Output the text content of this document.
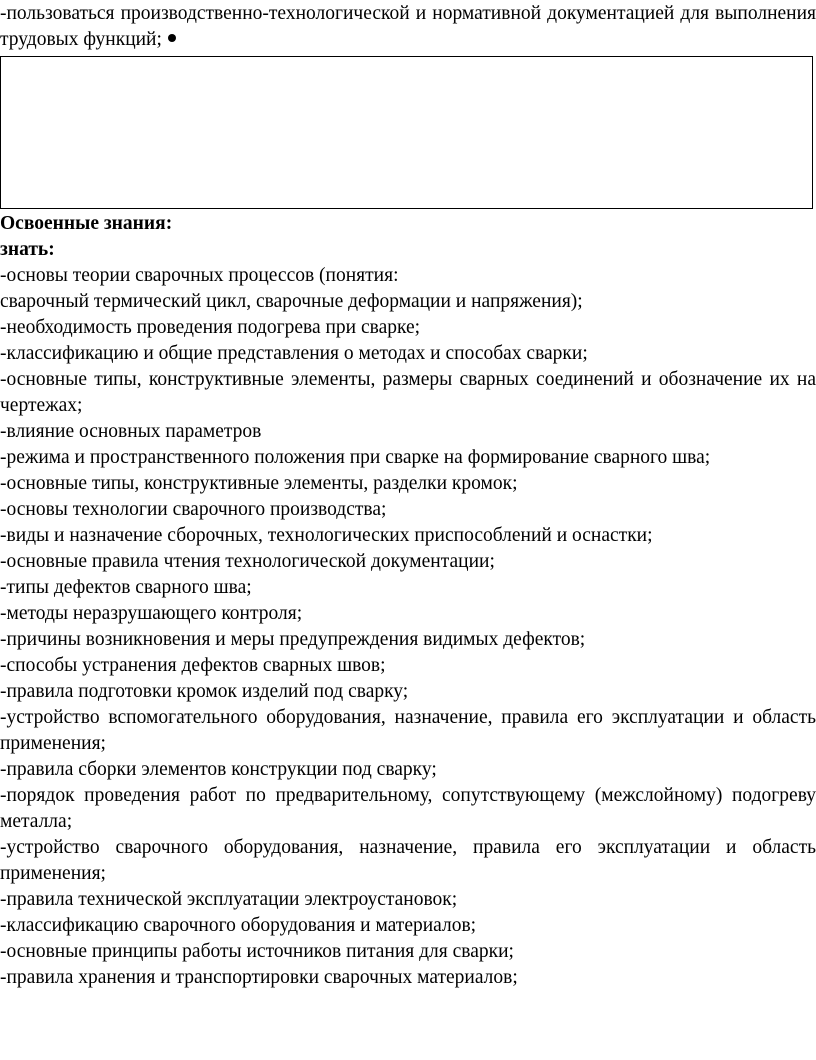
-пользоваться производственно-технологической и нормативной документацией для выполнения трудовых функций;

Освоенные знания:

знать:

-основы теории сварочных процессов (понятия:

сварочный термический цикл, сварочные деформации и напряжения);

-необходимость проведения подогрева при сварке;

-классификацию и общие представления о методах и способах сварки;

-основные типы, конструктивные элементы, размеры сварных соединений и обозначение их на чертежах;

-влияние основных параметров

-режима и пространственного положения при сварке на формирование сварного шва;

-основные типы, конструктивные элементы, разделки кромок;

-основы технологии сварочного производства;

-виды и назначение сборочных, технологических приспособлений и оснастки;

-основные правила чтения технологической документации;

-типы дефектов сварного шва;

-методы неразрушающего контроля;

-причины возникновения и меры предупреждения видимых дефектов;

-способы устранения дефектов сварных швов;

-правила подготовки кромок изделий под сварку;

-устройство вспомогательного оборудования, назначение, правила его эксплуатации и область применения;

-правила сборки элементов конструкции под сварку;

-порядок проведения работ по предварительному, сопутствующему (межслойному) подогреву металла;

-устройство сварочного оборудования, назначение, правила его эксплуатации и область применения;

-правила технической эксплуатации электроустановок;

-классификацию сварочного оборудования и материалов;

-основные принципы работы источников питания для сварки;

-правила хранения и транспортировки сварочных материалов;
